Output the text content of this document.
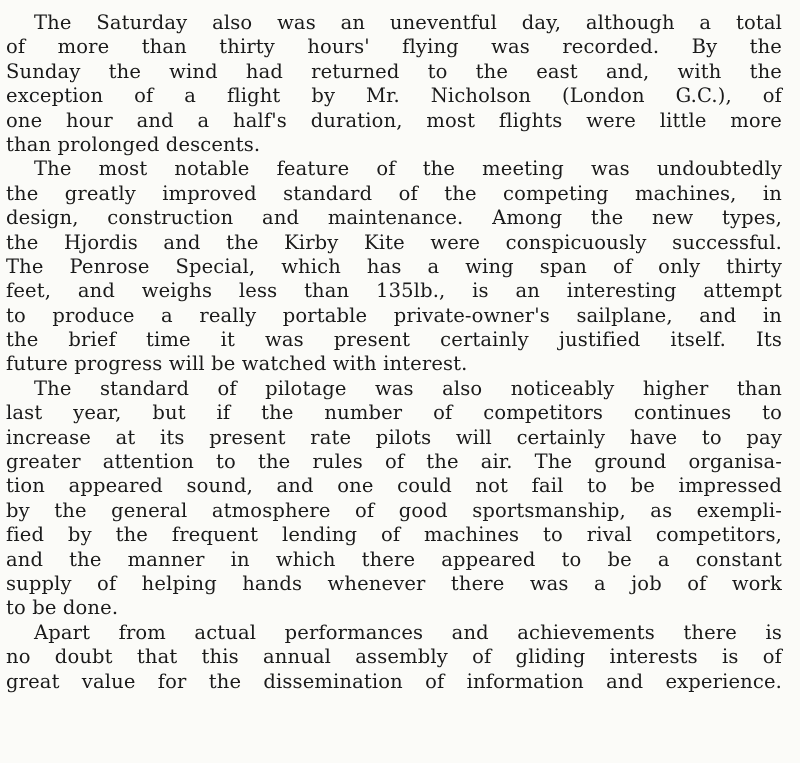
The Saturday also was an uneventful day, although a total
of more than thirty hours' flying was recorded. By the
Sunday the wind had returned to the east and, with the
exception of a flight by Mr. Nicholson (London G.C.), of
one hour and a half's duration, most flights were little more
than prolonged descents.

The most notable feature of the meeting was undoubtedly
the greatly improved standard of the competing machines, in
design, construction and maintenance. Among the new types,
the Hjordis and the Kirby Kite were conspicuously successful.
The Penrose Special, which has a wing span of only thirty
feet, and weighs less than 135lb., is an interesting attempt
to produce a really portable private-owner's sailplane, and in
the brief time it was present certainly justified itself. Its
future progress will be watched with interest.

The standard of pilotage was also noticeably higher than
last year, but if the number of competitors continues to
increase at its present rate pilots will certainly have to pay
greater attention to the rules of the air. The ground organisa-
tion appeared sound, and one could not fail to be impressed
by the general atmosphere of good sportsmanship, as exempli-
fied by the frequent lending of machines to rival competitors,
and the manner in which there appeared to be a constant
supply of helping hands whenever there was a job of work
to be done.

Apart from actual performances and achievements there is
no doubt that this annual assembly of gliding interests is of
great value for the dissemination of information and experience.
